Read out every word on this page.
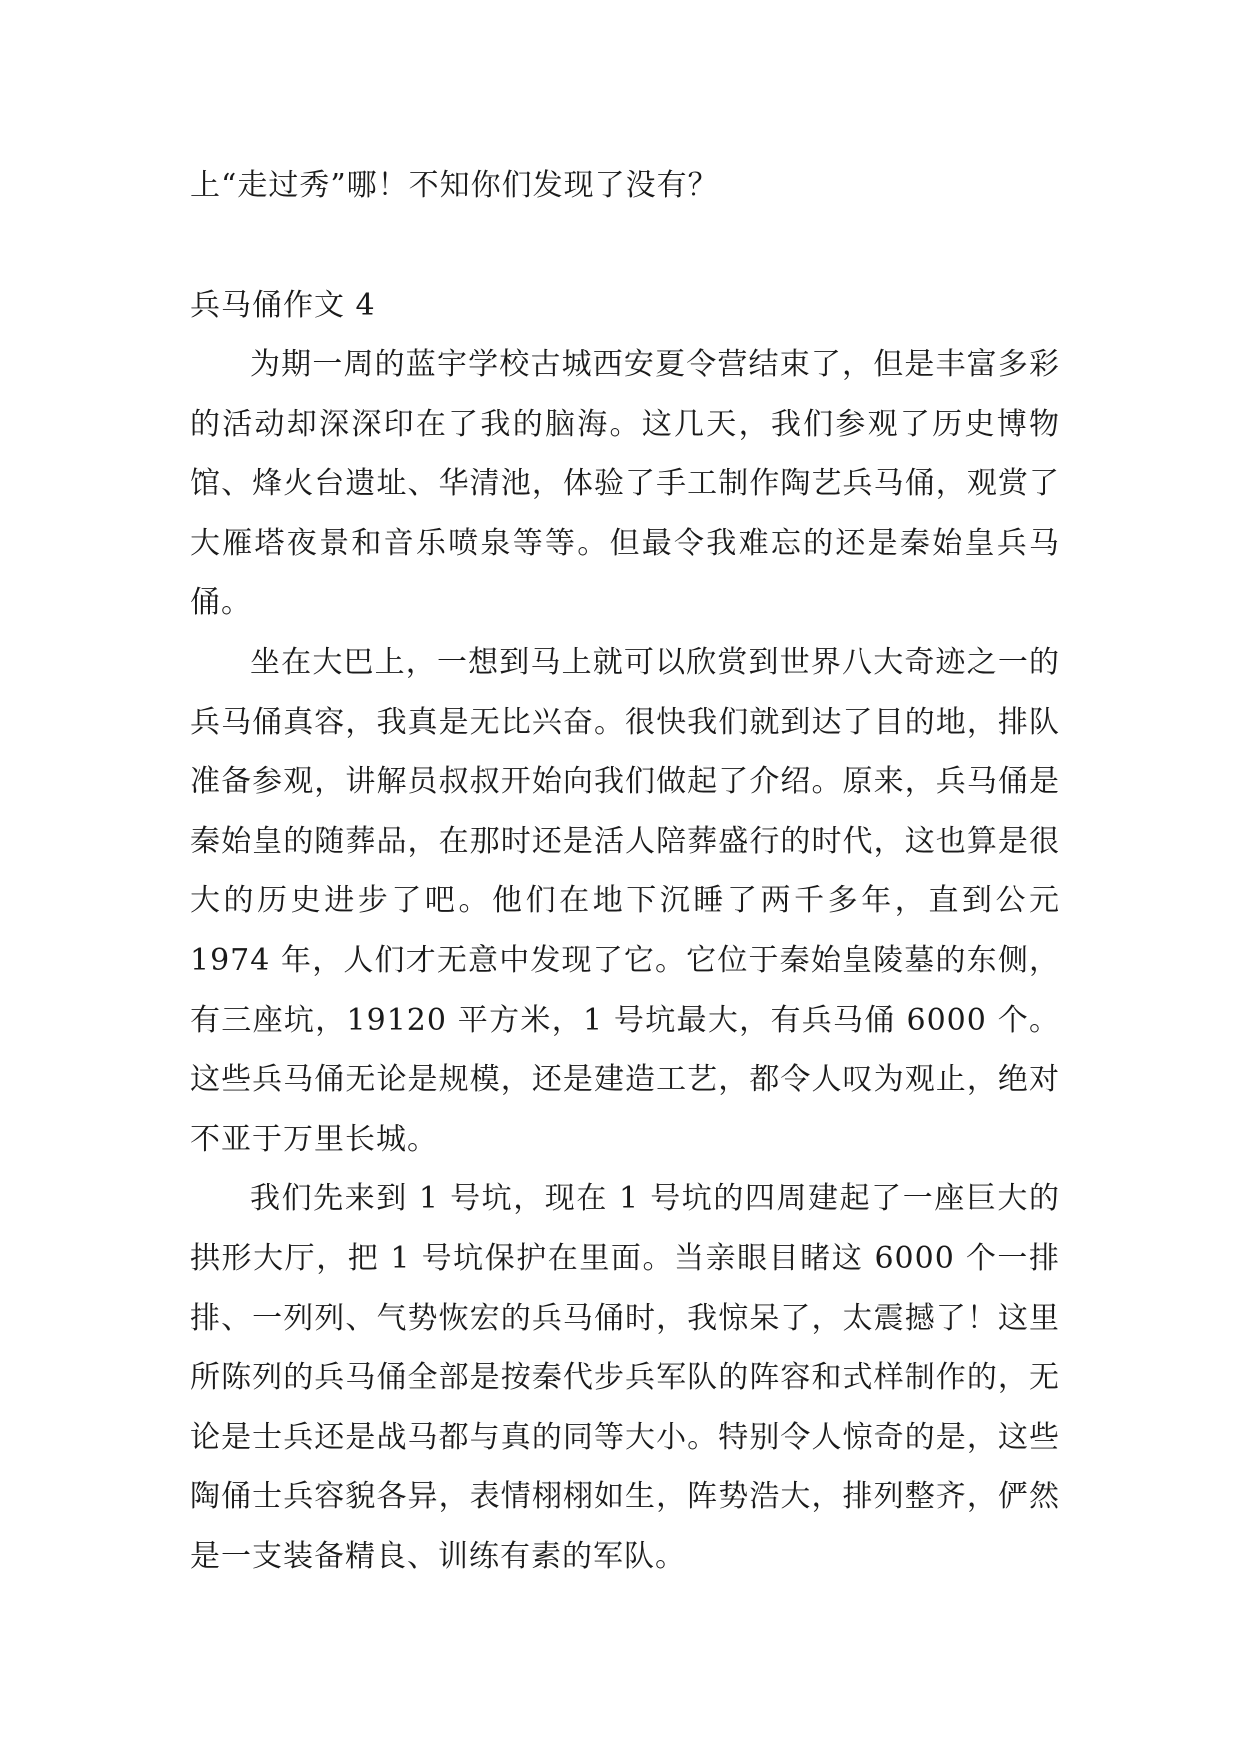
上“走过秀”哪！不知你们发现了没有？
兵马俑作文 4

为期一周的蓝宇学校古城西安夏令营结束了，但是丰富多彩的活动却深深印在了我的脑海。这几天，我们参观了历史博物馆、烽火台遗址、华清池，体验了手工制作陶艺兵马俑，观赏了大雁塔夜景和音乐喷泉等等。但最令我难忘的还是秦始皇兵马俑。

坐在大巴上，一想到马上就可以欣赏到世界八大奇迹之一的兵马俑真容，我真是无比兴奋。很快我们就到达了目的地，排队准备参观，讲解员叔叔开始向我们做起了介绍。原来，兵马俑是秦始皇的随葬品，在那时还是活人陪葬盛行的时代，这也算是很大的历史进步了吧。他们在地下沉睡了两千多年，直到公元 1974 年，人们才无意中发现了它。它位于秦始皇陵墓的东侧，有三座坑，19120 平方米，1 号坑最大，有兵马俑 6000 个。这些兵马俑无论是规模，还是建造工艺，都令人叹为观止，绝对不亚于万里长城。

我们先来到 1 号坑，现在 1 号坑的四周建起了一座巨大的拱形大厅，把 1 号坑保护在里面。当亲眼目睹这 6000 个一排排、一列列、气势恢宏的兵马俑时，我惊呆了，太震撼了！这里所陈列的兵马俑全部是按秦代步兵军队的阵容和式样制作的，无论是士兵还是战马都与真的同等大小。特别令人惊奇的是，这些陶俑士兵容貌各异，表情栩栩如生，阵势浩大，排列整齐，俨然是一支装备精良、训练有素的军队。
